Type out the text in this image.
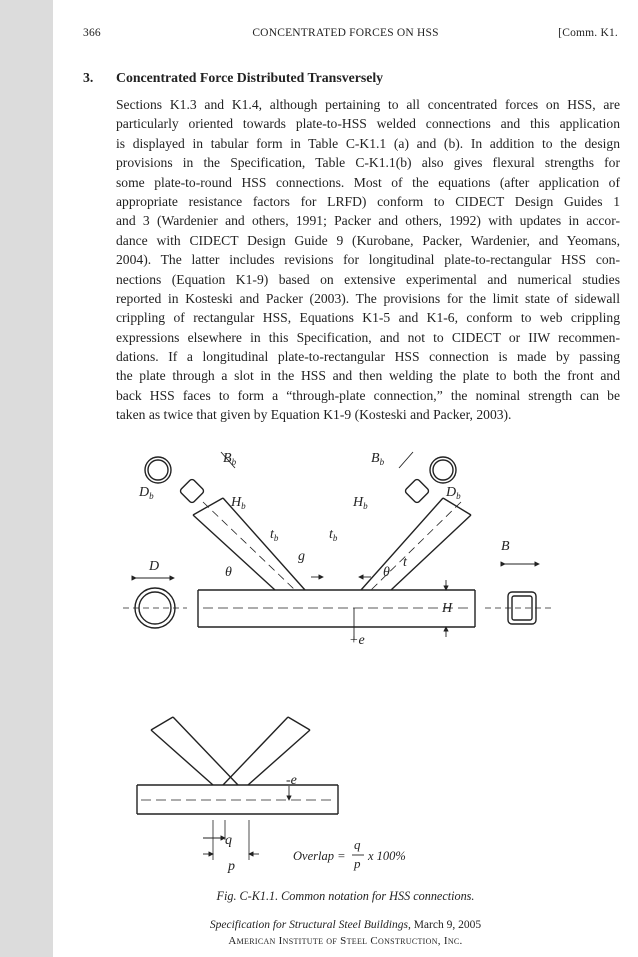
366	CONCENTRATED FORCES ON HSS	[Comm. K1.
3. Concentrated Force Distributed Transversely
Sections K1.3 and K1.4, although pertaining to all concentrated forces on HSS, are
particularly oriented towards plate-to-HSS welded connections and this application
is displayed in tabular form in Table C-K1.1 (a) and (b). In addition to the design
provisions in the Specification, Table C-K1.1(b) also gives flexural strengths for
some plate-to-round HSS connections. Most of the equations (after application of
appropriate resistance factors for LRFD) conform to CIDECT Design Guides 1
and 3 (Wardenier and others, 1991; Packer and others, 1992) with updates in accor-
dance with CIDECT Design Guide 9 (Kurobane, Packer, Wardenier, and Yeomans,
2004). The latter includes revisions for longitudinal plate-to-rectangular HSS con-
nections (Equation K1-9) based on extensive experimental and numerical studies
reported in Kosteski and Packer (2003). The provisions for the limit state of sidewall
crippling of rectangular HSS, Equations K1-5 and K1-6, conform to web crippling
expressions elsewhere in this Specification, and not to CIDECT or IIW recommen-
dations. If a longitudinal plate-to-rectangular HSS connection is made by passing
the plate through a slot in the HSS and then welding the plate to both the front and
back HSS faces to form a “through-plate connection,” the nominal strength can be
taken as twice that given by Equation K1-9 (Kosteski and Packer, 2003).
$B_b$	$B_b$
$D_b$	$D_b$
$H_b$	$H_b$
$t_b$	$t_b$
g
θ	θ
t
D
B
H
+e
-e
q
p
Overlap =
q
p x 100%
Fig. C-K1.1. Common notation for HSS connections.
Specification for Structural Steel Buildings, March 9, 2005
American Institute of Steel Construction, Inc.
